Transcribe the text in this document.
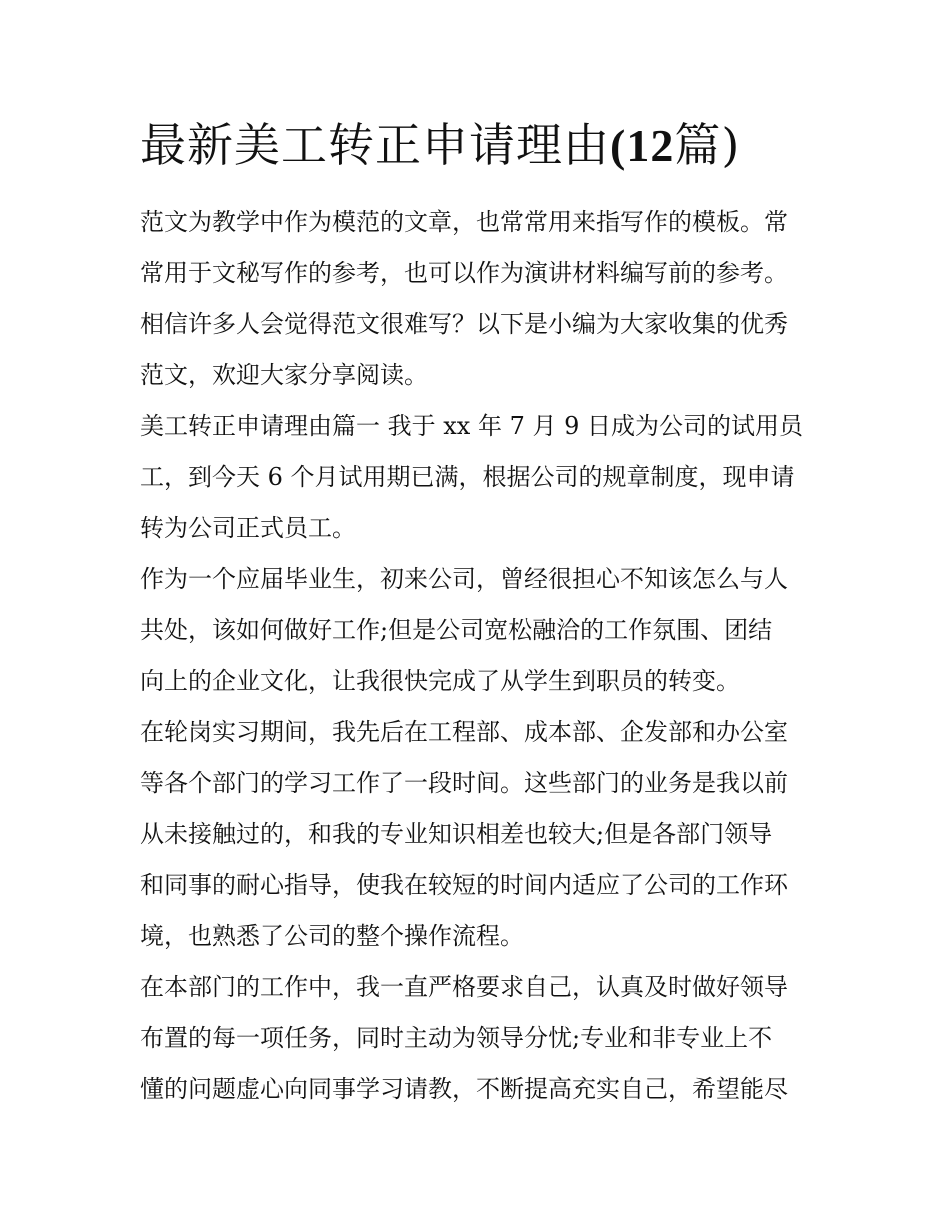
最新美工转正申请理由(12篇)
范文为教学中作为模范的文章，也常常用来指写作的模板。常
常用于文秘写作的参考，也可以作为演讲材料编写前的参考。
相信许多人会觉得范文很难写？以下是小编为大家收集的优秀
范文，欢迎大家分享阅读。
美工转正申请理由篇一 我于 xx 年 7 月 9 日成为公司的试用员
工，到今天 6 个月试用期已满，根据公司的规章制度，现申请
转为公司正式员工。
作为一个应届毕业生，初来公司，曾经很担心不知该怎么与人
共处，该如何做好工作;但是公司宽松融洽的工作氛围、团结
向上的企业文化，让我很快完成了从学生到职员的转变。
在轮岗实习期间，我先后在工程部、成本部、企发部和办公室
等各个部门的学习工作了一段时间。这些部门的业务是我以前
从未接触过的，和我的专业知识相差也较大;但是各部门领导
和同事的耐心指导，使我在较短的时间内适应了公司的工作环
境，也熟悉了公司的整个操作流程。
在本部门的工作中，我一直严格要求自己，认真及时做好领导
布置的每一项任务，同时主动为领导分忧;专业和非专业上不
懂的问题虚心向同事学习请教，不断提高充实自己，希望能尽
